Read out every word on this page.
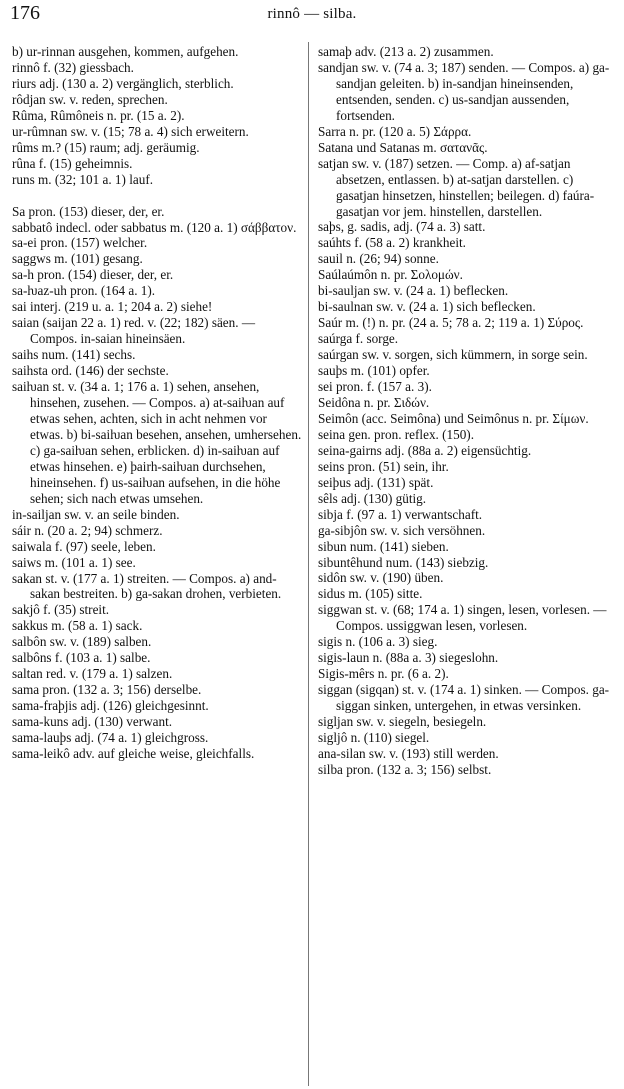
176	rinnô — silba.

b) ur-rinnan ausgehen, kommen, aufgehen.

rinnô f. (32) giessbach.

riurs adj. (130 a. 2) vergänglich, sterblich.

rôdjan sw. v. reden, sprechen.

Rûma, Rûmôneis n. pr. (15 a. 2).

ur-rûmnan sw. v. (15; 78 a. 4) sich erweitern.

rûms m.? (15) raum; adj. geräumig.

rûna f. (15) geheimnis.

runs m. (32; 101 a. 1) lauf.

Sa pron. (153) dieser, der, er.

sabbatô indecl. oder sabbatus m. (120 a. 1) σάββατον.

sa-ei pron. (157) welcher.

saggws m. (101) gesang.

sa-h pron. (154) dieser, der, er.

sa-ƕaz-uh pron. (164 a. 1).

sai interj. (219 u. a. 1; 204 a. 2) siehe!

saian (saijan 22 a. 1) red. v. (22; 182) säen. — Compos. in-saian hineinsäen.

saihs num. (141) sechs.

saihsta ord. (146) der sechste.

saiƕan st. v. (34 a. 1; 176 a. 1) sehen, ansehen, hinsehen, zusehen. — Compos. a) at-saiƕan auf etwas sehen, achten, sich in acht nehmen vor etwas. b) bi-saiƕan besehen, ansehen, umhersehen. c) ga-saiƕan sehen, erblicken. d) in-saiƕan auf etwas hinsehen. e) þairh-saiƕan durchsehen, hineinsehen. f) us-saiƕan aufsehen, in die höhe sehen; sich nach etwas umsehen.

in-sailjan sw. v. an seile binden.

sáir n. (20 a. 2; 94) schmerz.

saiwala f. (97) seele, leben.

saiws m. (101 a. 1) see.

sakan st. v. (177 a. 1) streiten. — Compos. a) and-sakan bestreiten. b) ga-sakan drohen, verbieten.

sakjô f. (35) streit.

sakkus m. (58 a. 1) sack.

salbôn sw. v. (189) salben.

salbôns f. (103 a. 1) salbe.

saltan red. v. (179 a. 1) salzen.

sama pron. (132 a. 3; 156) derselbe.

sama-fraþjis adj. (126) gleichgesinnt.

sama-kuns adj. (130) verwant.

sama-lauþs adj. (74 a. 1) gleichgross.

sama-leikô adv. auf gleiche weise, gleichfalls.

samaþ adv. (213 a. 2) zusammen.

sandjan sw. v. (74 a. 3; 187) senden. — Compos. a) ga-sandjan geleiten. b) in-sandjan hineinsenden, entsenden, senden. c) us-sandjan aussenden, fortsenden.

Sarra n. pr. (120 a. 5) Σάρρα.

Satana und Satanas m. σατανᾶς.

satjan sw. v. (187) setzen. — Comp. a) af-satjan absetzen, entlassen. b) at-satjan darstellen. c) gasatjan hinsetzen, hinstellen; beilegen. d) faúra-gasatjan vor jem. hinstellen, darstellen.

saþs, g. sadis, adj. (74 a. 3) satt.

saúhts f. (58 a. 2) krankheit.

sauil n. (26; 94) sonne.

Saúlaúmôn n. pr. Σολομών.

bi-sauljan sw. v. (24 a. 1) beflecken.

bi-saulnan sw. v. (24 a. 1) sich beflecken.

Saúr m. (!) n. pr. (24 a. 5; 78 a. 2; 119 a. 1) Σύρος.

saúrga f. sorge.

saúrgan sw. v. sorgen, sich kümmern, in sorge sein.

sauþs m. (101) opfer.

sei pron. f. (157 a. 3).

Seidôna n. pr. Σιδών.

Seimôn (acc. Seimôna) und Seimônus n. pr. Σίμων.

seina gen. pron. reflex. (150).

seina-gairns adj. (88a a. 2) eigensüchtig.

seins pron. (51) sein, ihr.

seiþus adj. (131) spät.

sêls adj. (130) gütig.

sibja f. (97 a. 1) verwantschaft.

ga-sibjôn sw. v. sich versöhnen.

sibun num. (141) sieben.

sibuntêhund num. (143) siebzig.

sidôn sw. v. (190) üben.

sidus m. (105) sitte.

siggwan st. v. (68; 174 a. 1) singen, lesen, vorlesen. — Compos. ussiggwan lesen, vorlesen.

sigis n. (106 a. 3) sieg.

sigis-laun n. (88a a. 3) siegeslohn.

Sigis-mêrs n. pr. (6 a. 2).

siggan (sigqan) st. v. (174 a. 1) sinken. — Compos. ga-siggan sinken, untergehen, in etwas versinken.

sigljan sw. v. siegeln, besiegeln.

sigljô n. (110) siegel.

ana-silan sw. v. (193) still werden.

silba pron. (132 a. 3; 156) selbst.
